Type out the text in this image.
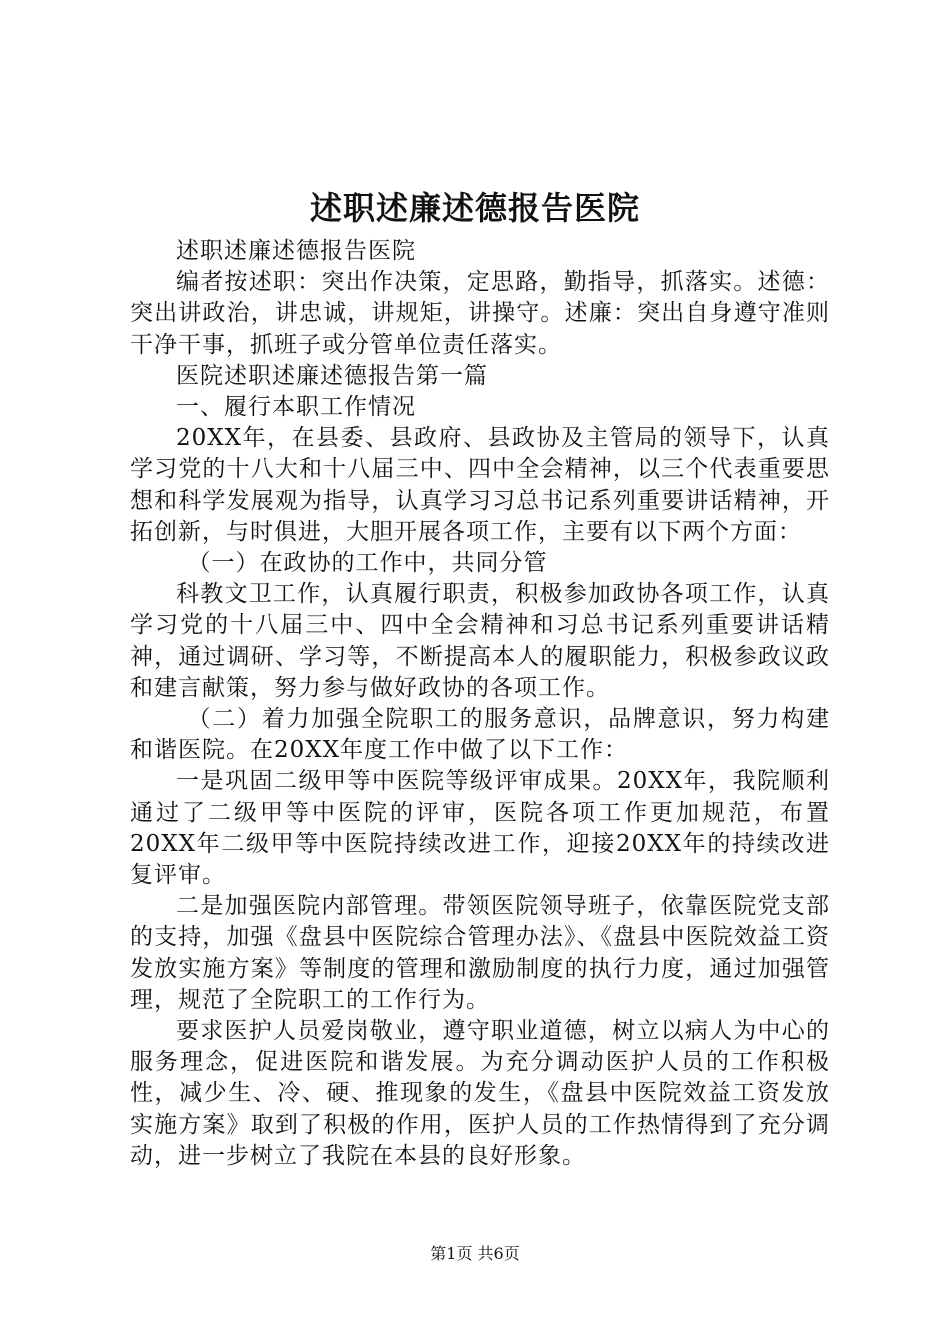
述职述廉述德报告医院

述职述廉述德报告医院

编者按述职：突出作决策，定思路，勤指导，抓落实。述德：突出讲政治，讲忠诚，讲规矩，讲操守。述廉：突出自身遵守准则干净干事，抓班子或分管单位责任落实。

医院述职述廉述德报告第一篇

一、履行本职工作情况

20XX年，在县委、县政府、县政协及主管局的领导下，认真学习党的十八大和十八届三中、四中全会精神，以三个代表重要思想和科学发展观为指导，认真学习习总书记系列重要讲话精神，开拓创新，与时俱进，大胆开展各项工作，主要有以下两个方面：

（一）在政协的工作中，共同分管

科教文卫工作，认真履行职责，积极参加政协各项工作，认真学习党的十八届三中、四中全会精神和习总书记系列重要讲话精神，通过调研、学习等，不断提高本人的履职能力，积极参政议政和建言献策，努力参与做好政协的各项工作。

（二）着力加强全院职工的服务意识，品牌意识，努力构建和谐医院。在20XX年度工作中做了以下工作：

一是巩固二级甲等中医院等级评审成果。20XX年，我院顺利通过了二级甲等中医院的评审，医院各项工作更加规范，布置20XX年二级甲等中医院持续改进工作，迎接20XX年的持续改进复评审。

二是加强医院内部管理。带领医院领导班子，依靠医院党支部的支持，加强《盘县中医院综合管理办法》、《盘县中医院效益工资发放实施方案》等制度的管理和激励制度的执行力度，通过加强管理，规范了全院职工的工作行为。

要求医护人员爱岗敬业，遵守职业道德，树立以病人为中心的服务理念，促进医院和谐发展。为充分调动医护人员的工作积极性，减少生、冷、硬、推现象的发生，《盘县中医院效益工资发放实施方案》取到了积极的作用，医护人员的工作热情得到了充分调动，进一步树立了我院在本县的良好形象。

第1页 共6页
